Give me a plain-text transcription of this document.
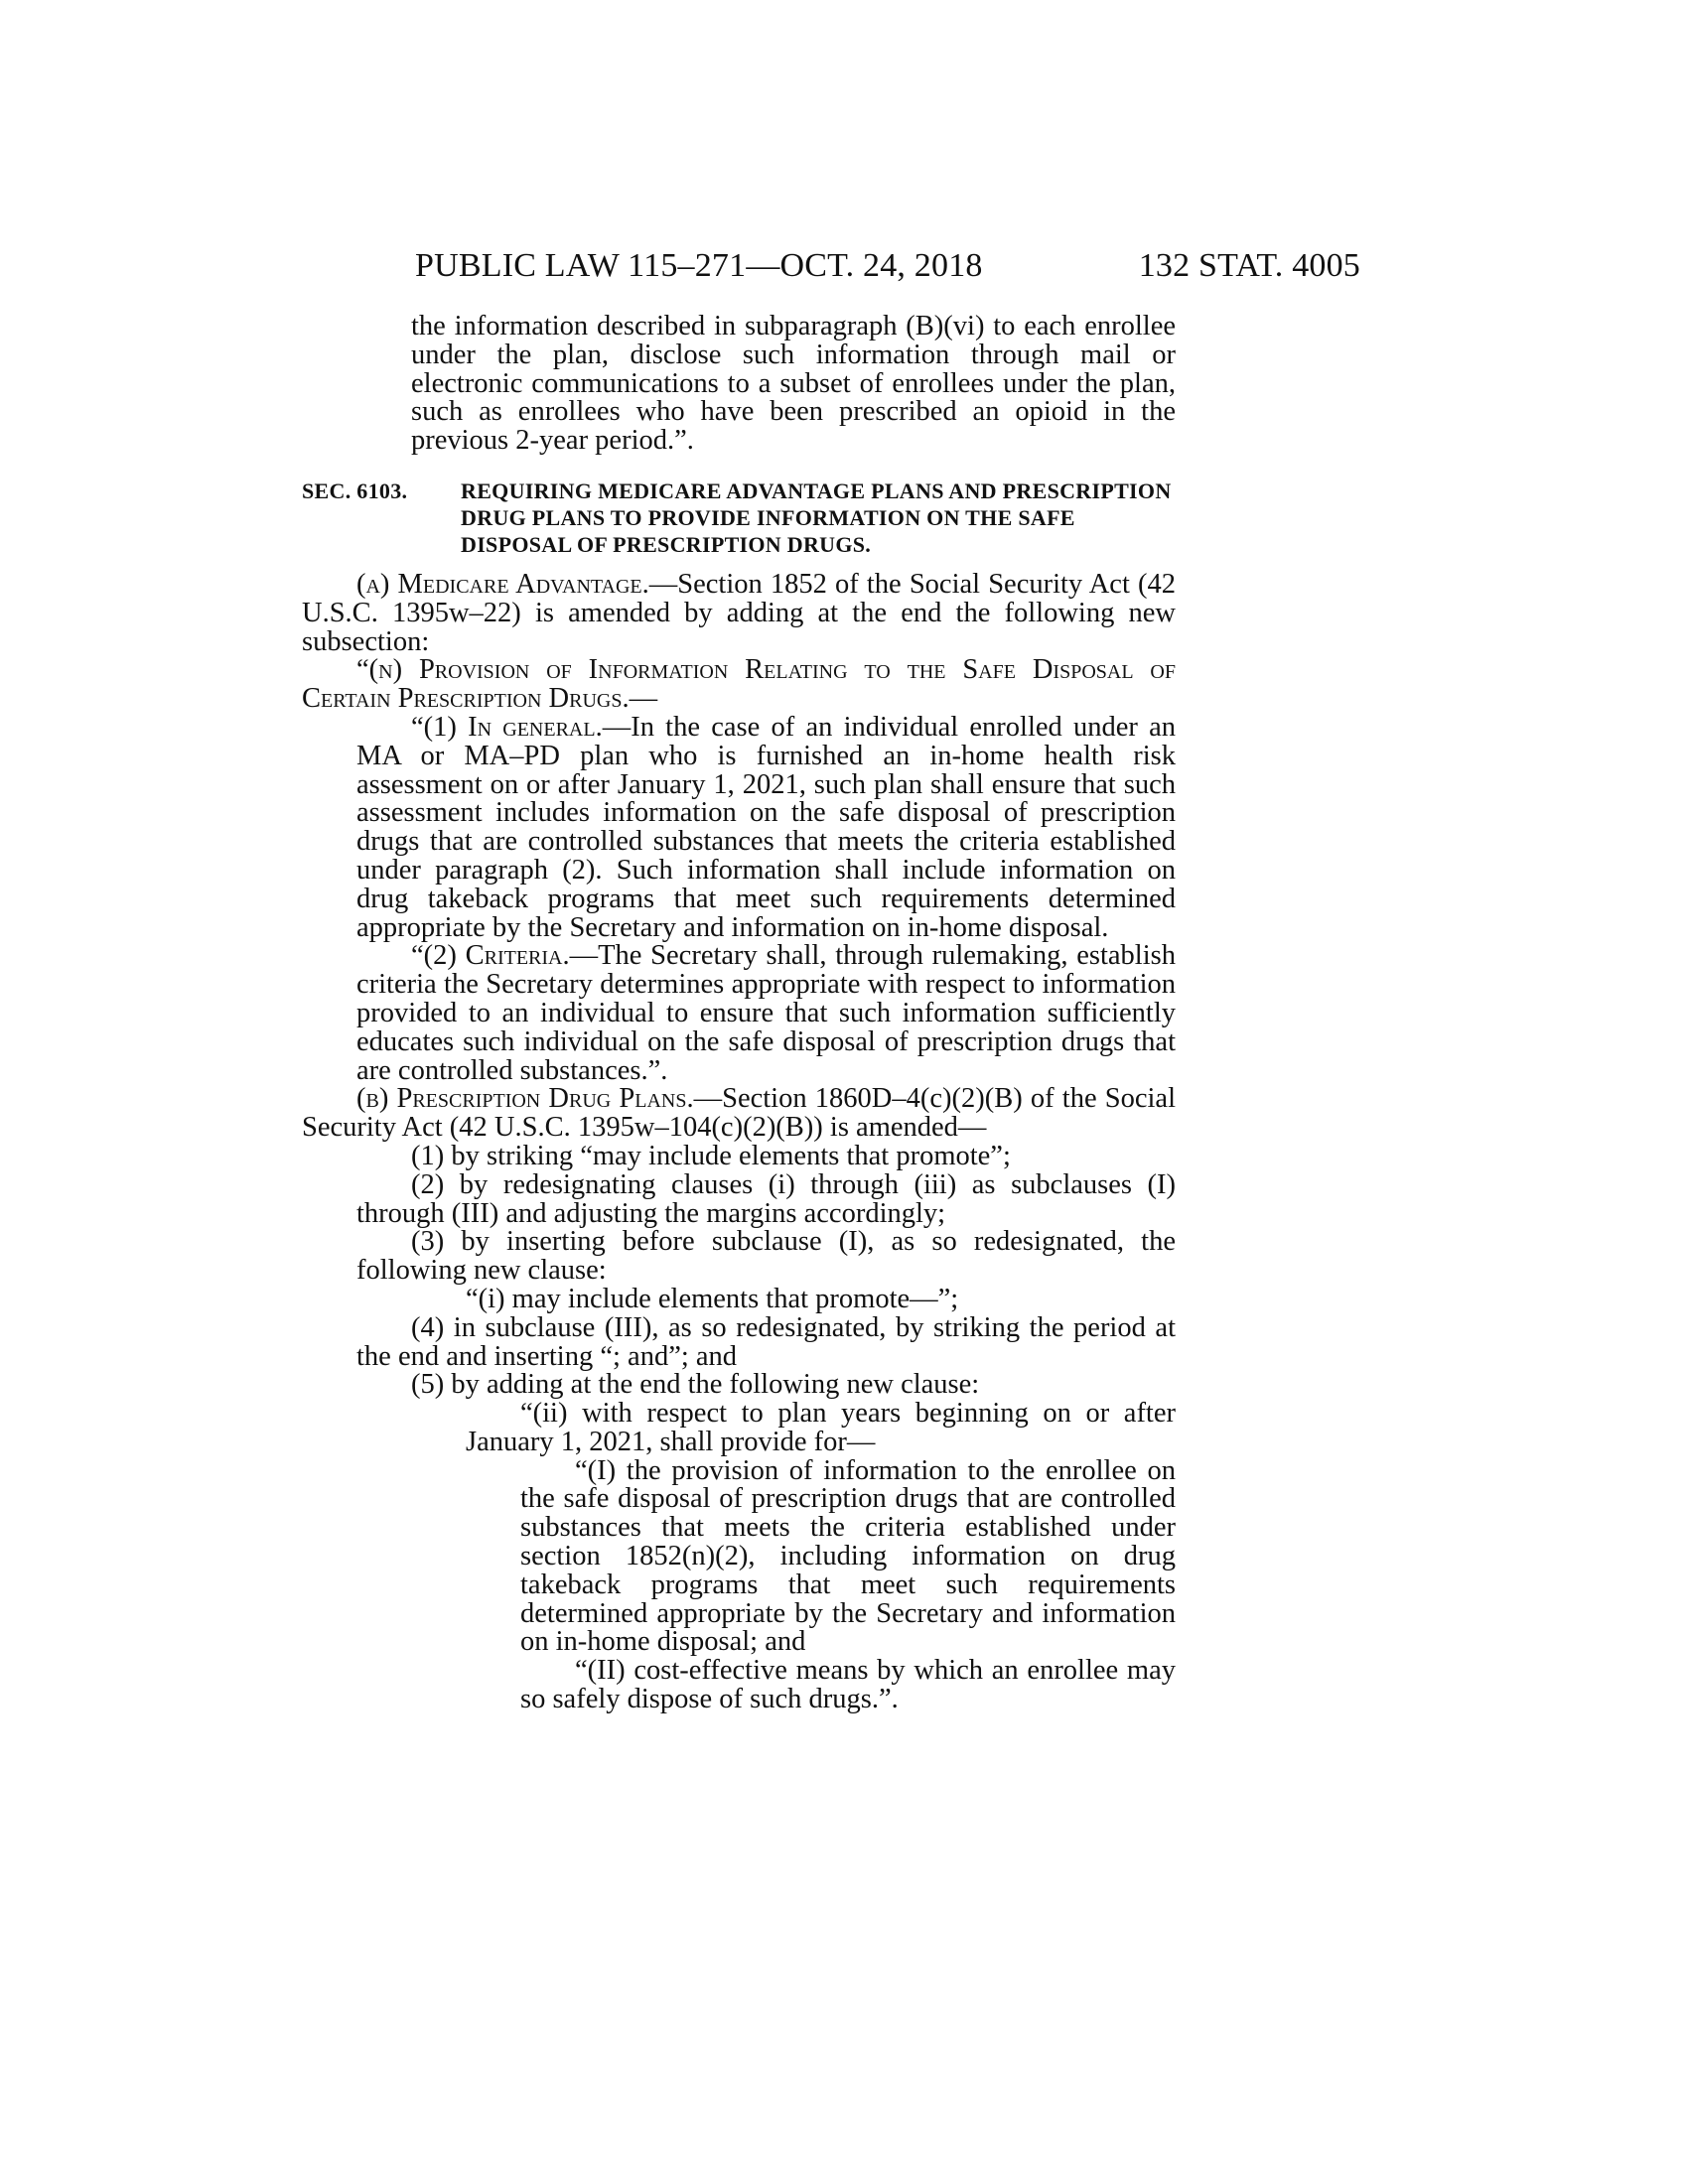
PUBLIC LAW 115–271—OCT. 24, 2018	132 STAT. 4005

the information described in subparagraph (B)(vi) to each enrollee under the plan, disclose such information through mail or electronic communications to a subset of enrollees under the plan, such as enrollees who have been prescribed an opioid in the previous 2-year period.”.

SEC. 6103. REQUIRING MEDICARE ADVANTAGE PLANS AND PRESCRIPTION DRUG PLANS TO PROVIDE INFORMATION ON THE SAFE DISPOSAL OF PRESCRIPTION DRUGS.

(a) Medicare Advantage.—Section 1852 of the Social Security Act (42 U.S.C. 1395w–22) is amended by adding at the end the following new subsection:

“(n) Provision of Information Relating to the Safe Disposal of Certain Prescription Drugs.—

“(1) In general.—In the case of an individual enrolled under an MA or MA–PD plan who is furnished an in-home health risk assessment on or after January 1, 2021, such plan shall ensure that such assessment includes information on the safe disposal of prescription drugs that are controlled substances that meets the criteria established under paragraph (2). Such information shall include information on drug takeback programs that meet such requirements determined appropriate by the Secretary and information on in-home disposal.

“(2) Criteria.—The Secretary shall, through rulemaking, establish criteria the Secretary determines appropriate with respect to information provided to an individual to ensure that such information sufficiently educates such individual on the safe disposal of prescription drugs that are controlled substances.”.

(b) Prescription Drug Plans.—Section 1860D–4(c)(2)(B) of the Social Security Act (42 U.S.C. 1395w–104(c)(2)(B)) is amended—

(1) by striking “may include elements that promote”;

(2) by redesignating clauses (i) through (iii) as subclauses (I) through (III) and adjusting the margins accordingly;

(3) by inserting before subclause (I), as so redesignated, the following new clause:

“(i) may include elements that promote—”;

(4) in subclause (III), as so redesignated, by striking the period at the end and inserting “; and”; and

(5) by adding at the end the following new clause:

“(ii) with respect to plan years beginning on or after January 1, 2021, shall provide for—

“(I) the provision of information to the enrollee on the safe disposal of prescription drugs that are controlled substances that meets the criteria established under section 1852(n)(2), including information on drug takeback programs that meet such requirements determined appropriate by the Secretary and information on in-home disposal; and

“(II) cost-effective means by which an enrollee may so safely dispose of such drugs.”.
